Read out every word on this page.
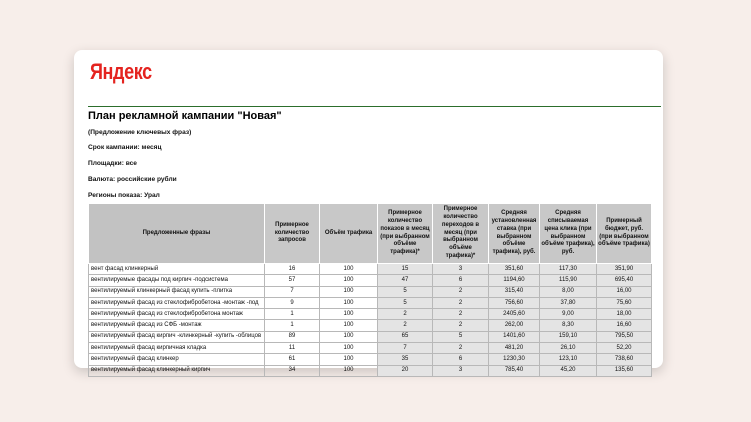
Яндекс
План рекламной кампании "Новая"
(Предложение ключевых фраз)
Срок кампании: месяц
Площадки: все
Валюта: российские рубли
Регионы показа: Урал
Предложенные фразы	Примерное количество запросов	Объём трафика	Примерное количество показов в месяц (при выбранном объёме трафика)*	Примерное количество переходов в месяц (при выбранном объёме трафика)*	Средняя установленная ставка (при выбранном объёме трафика), руб.	Средняя списываемая цена клика (при выбранном объёме трафика), руб.	Примерный бюджет, руб. (при выбранном объёме трафика)
вент фасад клинкерный	16	100	15	3	351,60	117,30	351,90
вентилируемые фасады под кирпич -подсистема	57	100	47	6	1194,60	115,90	695,40
вентилируемый клинкерный фасад купить -плитка	7	100	5	2	315,40	8,00	16,00
вентилируемый фасад из стеклофибробетона -монтаж -под	9	100	5	2	756,60	37,80	75,60
вентилируемый фасад из стеклофибробетона монтаж	1	100	2	2	2405,60	9,00	18,00
вентилируемый фасад из СФБ -монтаж	1	100	2	2	262,00	8,30	16,60
вентилируемый фасад кирпич -клинкерный -купить -облицов	89	100	65	5	1401,60	159,10	795,50
вентилируемый фасад кирпичная кладка	11	100	7	2	481,20	26,10	52,20
вентилируемый фасад клинкер	61	100	35	6	1230,30	123,10	738,60
вентилируемый фасад клинкерный кирпич	34	100	20	3	785,40	45,20	135,60
